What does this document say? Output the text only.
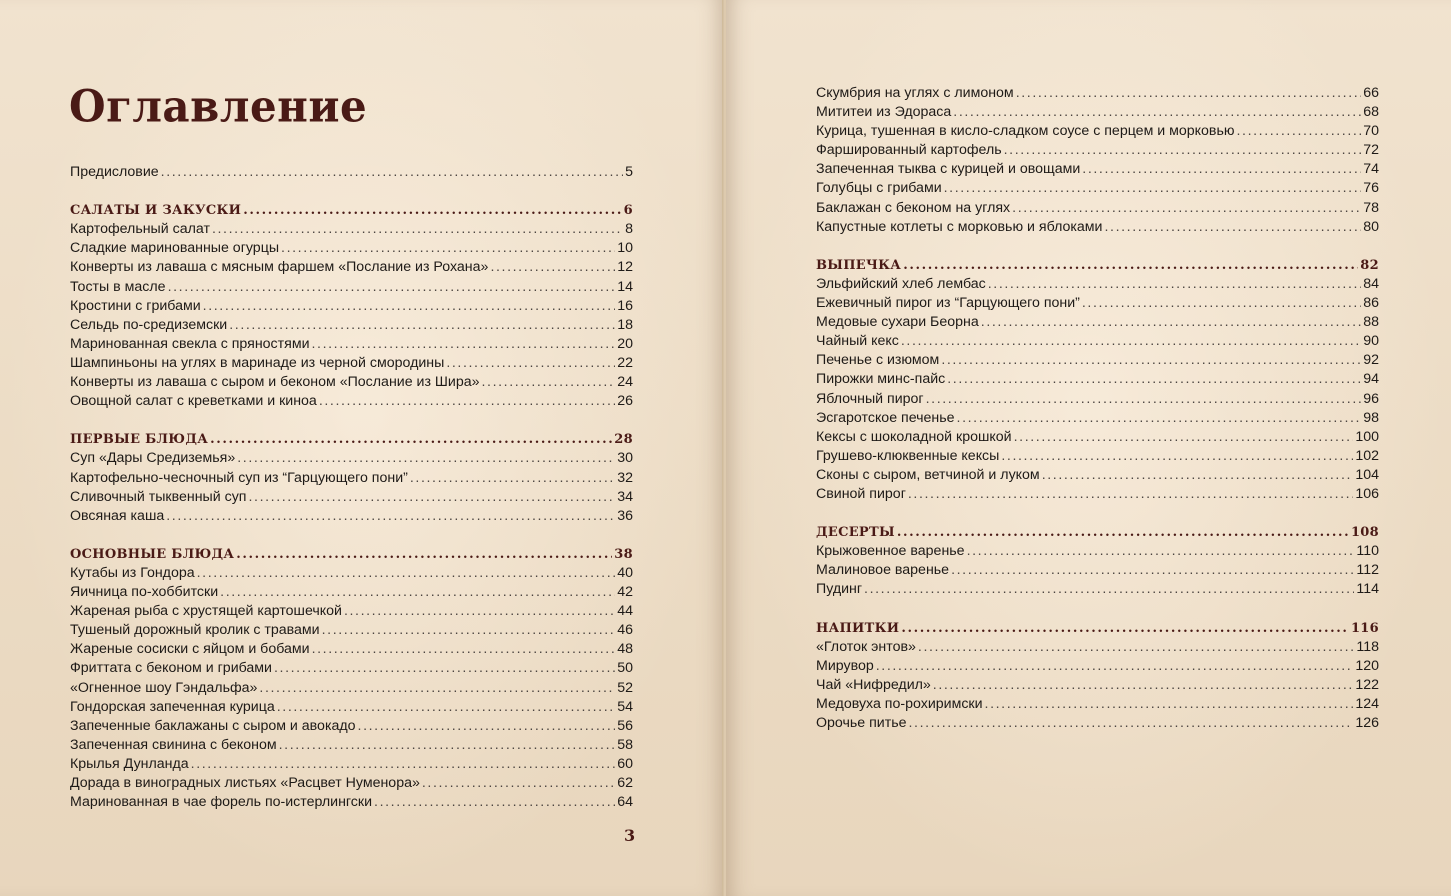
Оглавление
Предисловие .....	5
САЛАТЫ И ЗАКУСКИ .....	6
Картофельный салат .....	8
Сладкие маринованные огурцы .....	10
Конверты из лаваша с мясным фаршем «Послание из Рохана» .....	12
Тосты в масле .....	14
Кростини с грибами .....	16
Сельдь по-средиземски .....	18
Маринованная свекла с пряностями .....	20
Шампиньоны на углях в маринаде из черной смородины .....	22
Конверты из лаваша с сыром и беконом «Послание из Шира» .....	24
Овощной салат с креветками и киноа .....	26
ПЕРВЫЕ БЛЮДА .....	28
Суп «Дары Средиземья» .....	30
Картофельно-чесночный суп из “Гарцующего пони” .....	32
Сливочный тыквенный суп .....	34
Овсяная каша .....	36
ОСНОВНЫЕ БЛЮДА .....	38
Кутабы из Гондора .....	40
Яичница по-хоббитски .....	42
Жареная рыба с хрустящей картошечкой .....	44
Тушеный дорожный кролик с травами .....	46
Жареные сосиски с яйцом и бобами .....	48
Фриттата с беконом и грибами .....	50
«Огненное шоу Гэндальфа» .....	52
Гондорская запеченная курица .....	54
Запеченные баклажаны с сыром и авокадо .....	56
Запеченная свинина с беконом .....	58
Крылья Дунланда .....	60
Дорада в виноградных листьях «Расцвет Нуменора» .....	62
Маринованная в чае форель по-истерлингски .....	64
3
Скумбрия на углях с лимоном .....	66
Мититеи из Эдораса .....	68
Курица, тушенная в кисло-сладком соусе с перцем и морковью .....	70
Фаршированный картофель .....	72
Запеченная тыква с курицей и овощами .....	74
Голубцы с грибами .....	76
Баклажан с беконом на углях .....	78
Капустные котлеты с морковью и яблоками .....	80
ВЫПЕЧКА .....	82
Эльфийский хлеб лембас .....	84
Ежевичный пирог из “Гарцующего пони” .....	86
Медовые сухари Беорна .....	88
Чайный кекс .....	90
Печенье с изюмом .....	92
Пирожки минс-пайс .....	94
Яблочный пирог .....	96
Эсгаротское печенье .....	98
Кексы с шоколадной крошкой .....	100
Грушево-клюквенные кексы .....	102
Сконы с сыром, ветчиной и луком .....	104
Свиной пирог .....	106
ДЕСЕРТЫ .....	108
Крыжовенное варенье .....	110
Малиновое варенье .....	112
Пудинг .....	114
НАПИТКИ .....	116
«Глоток энтов» .....	118
Мирувор .....	120
Чай «Нифредил» .....	122
Медовуха по-рохиримски .....	124
Орочье питье .....	126
